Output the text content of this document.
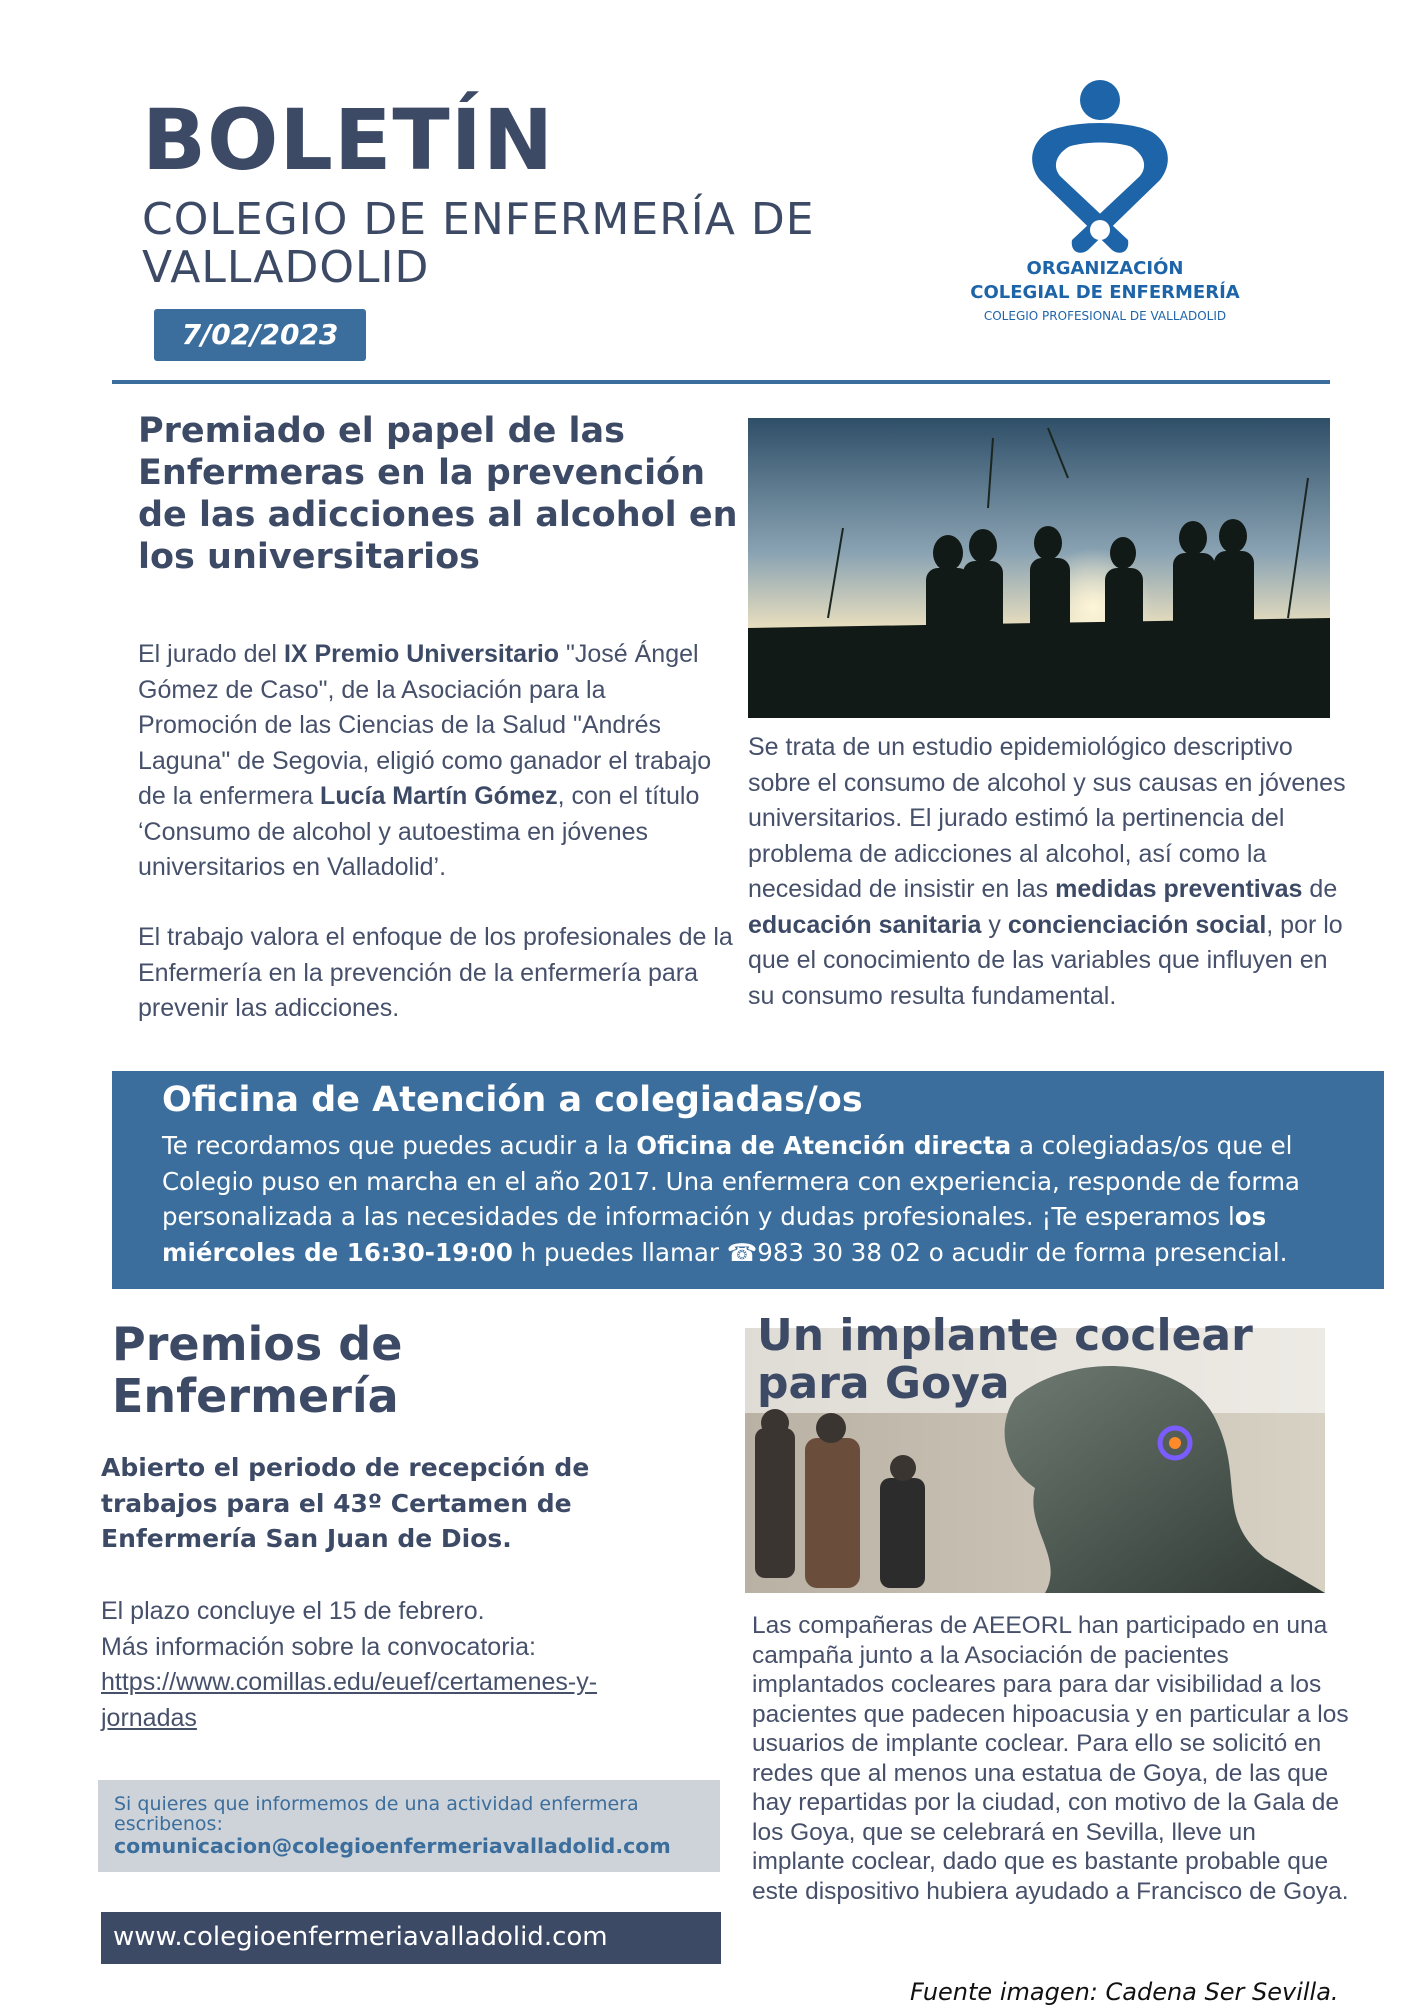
BOLETÍN
COLEGIO DE ENFERMERÍA DE VALLADOLID
7/02/2023
ORGANIZACIÓN
COLEGIAL DE ENFERMERÍA
COLEGIO PROFESIONAL DE VALLADOLID
Premiado el papel de las Enfermeras en la prevención de las adicciones al alcohol en los universitarios
El jurado del IX Premio Universitario "José Ángel Gómez de Caso", de la Asociación para la Promoción de las Ciencias de la Salud "Andrés Laguna" de Segovia, eligió como ganador el trabajo de la enfermera Lucía Martín Gómez, con el título ‘Consumo de alcohol y autoestima en jóvenes universitarios en Valladolid’.
El trabajo valora el enfoque de los profesionales de la Enfermería en la prevención de la enfermería para prevenir las adicciones.
Se trata de un estudio epidemiológico descriptivo sobre el consumo de alcohol y sus causas en jóvenes universitarios. El jurado estimó la pertinencia del problema de adicciones al alcohol, así como la necesidad de insistir en las medidas preventivas de educación sanitaria y concienciación social, por lo que el conocimiento de las variables que influyen en su consumo resulta fundamental.
Oficina de Atención a colegiadas/os
Te recordamos que puedes acudir a la Oficina de Atención directa a colegiadas/os que el Colegio puso en marcha en el año 2017. Una enfermera con experiencia, responde de forma personalizada a las necesidades de información y dudas profesionales. ¡Te esperamos los miércoles de 16:30-19:00 h puedes llamar ☎983 30 38 02 o acudir de forma presencial.
Premios de
Enfermería
Abierto el periodo de recepción de trabajos para el 43º Certamen de Enfermería San Juan de Dios.
El plazo concluye el 15 de febrero.
Más información sobre la convocatoria:
https://www.comillas.edu/euef/certamenes-y-jornadas
Si quieres que informemos de una actividad enfermera escribenos:
comunicacion@colegioenfermeriavalladolid.com
www.colegioenfermeriavalladolid.com
Un implante coclear para Goya
Las compañeras de AEEORL han participado en una campaña junto a la Asociación de pacientes implantados cocleares para para dar visibilidad a los pacientes que padecen hipoacusia y en particular a los usuarios de implante coclear. Para ello se solicitó en redes que al menos una estatua de Goya, de las que hay repartidas por la ciudad, con motivo de la Gala de los Goya, que se celebrará en Sevilla, lleve un implante coclear, dado que es bastante probable que este dispositivo hubiera ayudado a Francisco de Goya.
Fuente imagen: Cadena Ser Sevilla.
